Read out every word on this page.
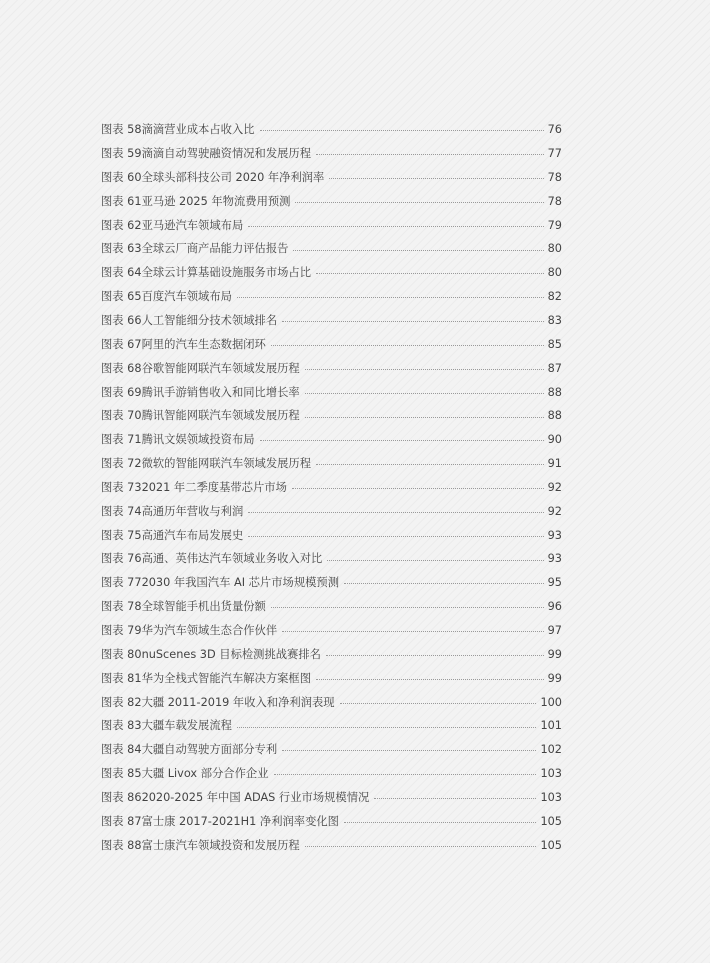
图表 58 滴滴营业成本占收入比	76
图表 59 滴滴自动驾驶融资情况和发展历程	77
图表 60 全球头部科技公司 2020 年净利润率	78
图表 61 亚马逊 2025 年物流费用预测	78
图表 62 亚马逊汽车领域布局	79
图表 63 全球云厂商产品能力评估报告	80
图表 64 全球云计算基础设施服务市场占比	80
图表 65 百度汽车领域布局	82
图表 66 人工智能细分技术领域排名	83
图表 67 阿里的汽车生态数据闭环	85
图表 68 谷歌智能网联汽车领域发展历程	87
图表 69 腾讯手游销售收入和同比增长率	88
图表 70 腾讯智能网联汽车领域发展历程	88
图表 71 腾讯文娱领域投资布局	90
图表 72 微软的智能网联汽车领域发展历程	91
图表 73 2021 年二季度基带芯片市场	92
图表 74 高通历年营收与利润	92
图表 75 高通汽车布局发展史	93
图表 76 高通、英伟达汽车领域业务收入对比	93
图表 77 2030 年我国汽车 AI 芯片市场规模预测	95
图表 78 全球智能手机出货量份额	96
图表 79 华为汽车领域生态合作伙伴	97
图表 80 nuScenes 3D 目标检测挑战赛排名	99
图表 81 华为全栈式智能汽车解决方案框图	99
图表 82 大疆 2011-2019 年收入和净利润表现	100
图表 83 大疆车载发展流程	101
图表 84 大疆自动驾驶方面部分专利	102
图表 85 大疆 Livox 部分合作企业	103
图表 86 2020-2025 年中国 ADAS 行业市场规模情况	103
图表 87 富士康 2017-2021H1 净利润率变化图	105
图表 88 富士康汽车领域投资和发展历程	105
